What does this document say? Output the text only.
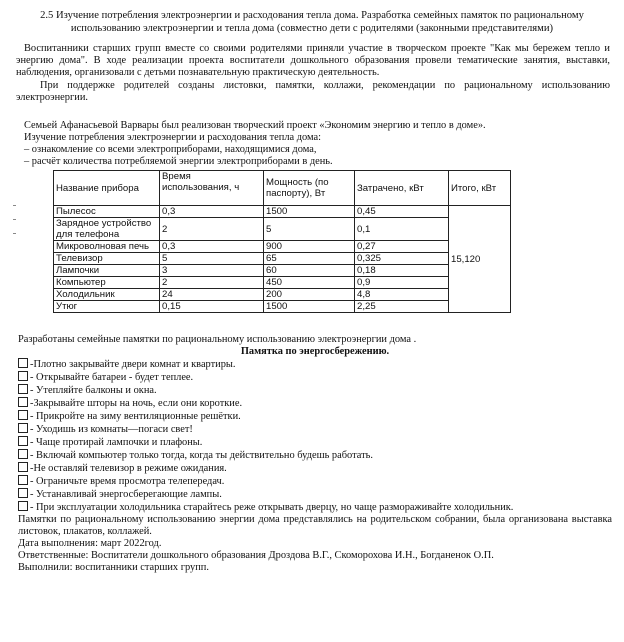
2.5 Изучение потребления электроэнергии и расходования тепла дома. Разработка семейных памяток по рациональному использованию электроэнергии и тепла дома (совместно дети с родителями (законными представителями)
Воспитанники старших групп вместе со своими родителями приняли участие в творческом проекте "Как мы бережем тепло и энергию дома". В ходе реализации проекта воспитатели дошкольного образования провели тематические занятия, выставки, наблюдения, организовали с детьми познавательную практическую деятельность.
При поддержке родителей созданы листовки, памятки, коллажи, рекомендации по рациональному использованию электроэнергии.
Семьей Афанасьевой Варвары был реализован творческий проект «Экономим энергию и тепло в доме».
Изучение потребления электроэнергии и расходования тепла дома:
– ознакомление со всеми электроприборами, находящимися дома,
– расчёт количества потребляемой энергии электроприборами в день.
Название прибора	Время использования, ч	Мощность (по паспорту), Вт	Затрачено, кВт	Итого, кВт
Пылесос	0,3	1500	0,45	15,120
Зарядное устройство для телефона	2	5	0,1	
Микроволновая печь	0,3	900	0,27	
Телевизор	5	65	0,325	
Лампочки	3	60	0,18	
Компьютер	2	450	0,9	
Холодильник	24	200	4,8	
Утюг	0,15	1500	2,25	
Разработаны семейные памятки по рациональному использованию электроэнергии дома .
Памятка по энергосбережению.
-Плотно закрывайте двери комнат и квартиры.
- Открывайте батареи - будет теплее.
- Утепляйте балконы и окна.
-Закрывайте шторы на ночь, если они короткие.
- Прикройте на зиму вентиляционные решётки.
- Уходишь из комнаты—погаси свет!
- Чаще протирай лампочки и плафоны.
- Включай компьютер только тогда, когда ты действительно будешь работать.
-Не оставляй телевизор в режиме ожидания.
- Ограничьте время просмотра телепередач.
- Устанавливай энергосберегающие лампы.
- При эксплуатации холодильника старайтесь реже открывать дверцу, но чаще размораживайте холодильник.
Памятки по рациональному использованию энергии дома представлялись на родительском собрании, была организована выставка листовок, плакатов, коллажей.
Дата выполнения: март 2022год.
Ответственные: Воспитатели дошкольного образования Дроздова В.Г., Скоморохова И.Н., Богданенок О.П.
Выполнили: воспитанники старших групп.
